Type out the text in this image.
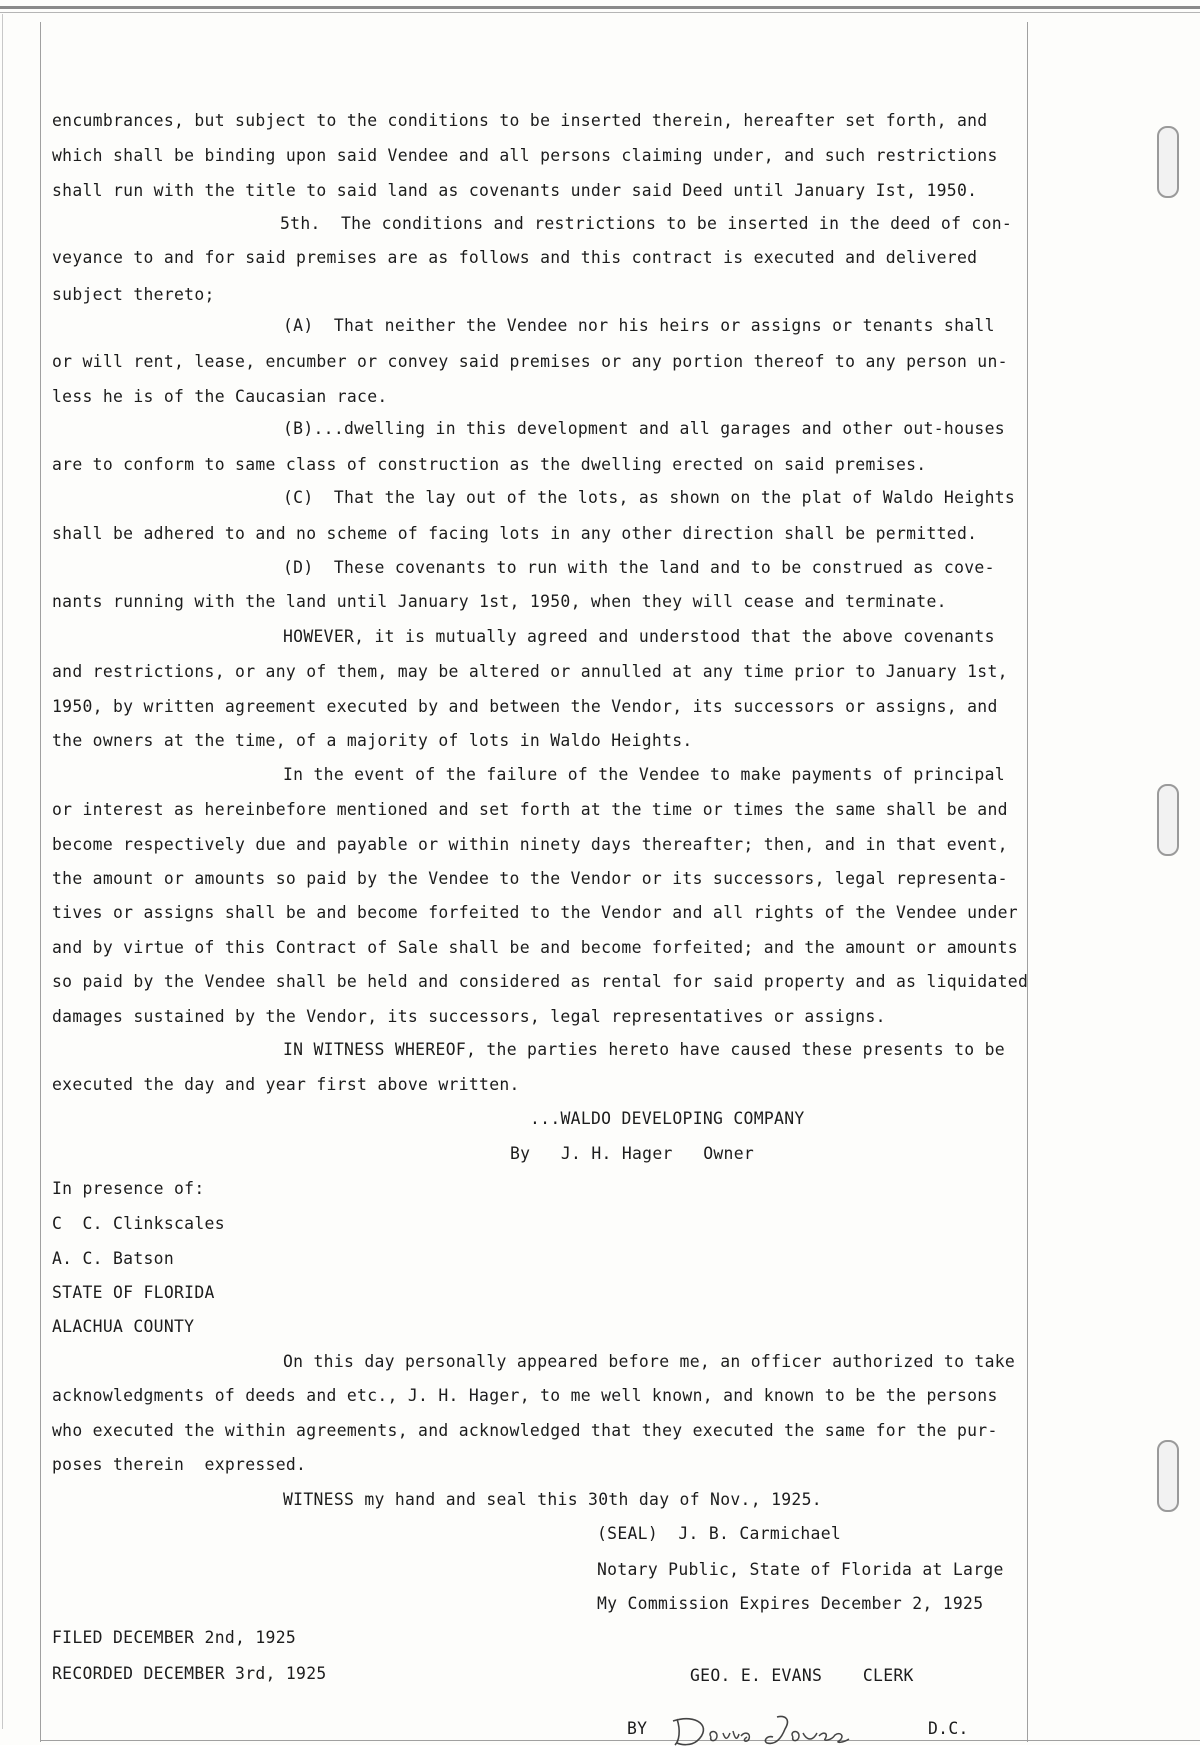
encumbrances, but subject to the conditions to be inserted therein, hereafter set forth, and
which shall be binding upon said Vendee and all persons claiming under, and such restrictions
shall run with the title to said land as covenants under said Deed until January Ist, 1950.
5th.  The conditions and restrictions to be inserted in the deed of con-
veyance to and for said premises are as follows and this contract is executed and delivered
subject thereto;
(A)  That neither the Vendee nor his heirs or assigns or tenants shall
or will rent, lease, encumber or convey said premises or any portion thereof to any person un-
less he is of the Caucasian race.
(B)...dwelling in this development and all garages and other out-houses
are to conform to same class of construction as the dwelling erected on said premises.
(C)  That the lay out of the lots, as shown on the plat of Waldo Heights
shall be adhered to and no scheme of facing lots in any other direction shall be permitted.
(D)  These covenants to run with the land and to be construed as cove-
nants running with the land until January 1st, 1950, when they will cease and terminate.
HOWEVER, it is mutually agreed and understood that the above covenants
and restrictions, or any of them, may be altered or annulled at any time prior to January 1st,
1950, by written agreement executed by and between the Vendor, its successors or assigns, and
the owners at the time, of a majority of lots in Waldo Heights.
In the event of the failure of the Vendee to make payments of principal
or interest as hereinbefore mentioned and set forth at the time or times the same shall be and
become respectively due and payable or within ninety days thereafter; then, and in that event,
the amount or amounts so paid by the Vendee to the Vendor or its successors, legal representa-
tives or assigns shall be and become forfeited to the Vendor and all rights of the Vendee under
and by virtue of this Contract of Sale shall be and become forfeited; and the amount or amounts
so paid by the Vendee shall be held and considered as rental for said property and as liquidated
damages sustained by the Vendor, its successors, legal representatives or assigns.
IN WITNESS WHEREOF, the parties hereto have caused these presents to be
executed the day and year first above written.
...WALDO DEVELOPING COMPANY
By   J. H. Hager   Owner
In presence of:
C  C. Clinkscales
A. C. Batson
STATE OF FLORIDA
ALACHUA COUNTY
On this day personally appeared before me, an officer authorized to take
acknowledgments of deeds and etc., J. H. Hager, to me well known, and known to be the persons
who executed the within agreements, and acknowledged that they executed the same for the pur-
poses therein  expressed.
WITNESS my hand and seal this 30th day of Nov., 1925.
(SEAL)  J. B. Carmichael
Notary Public, State of Florida at Large
My Commission Expires December 2, 1925
FILED DECEMBER 2nd, 1925
RECORDED DECEMBER 3rd, 1925	GEO. E. EVANS    CLERK
BY	D.C.
